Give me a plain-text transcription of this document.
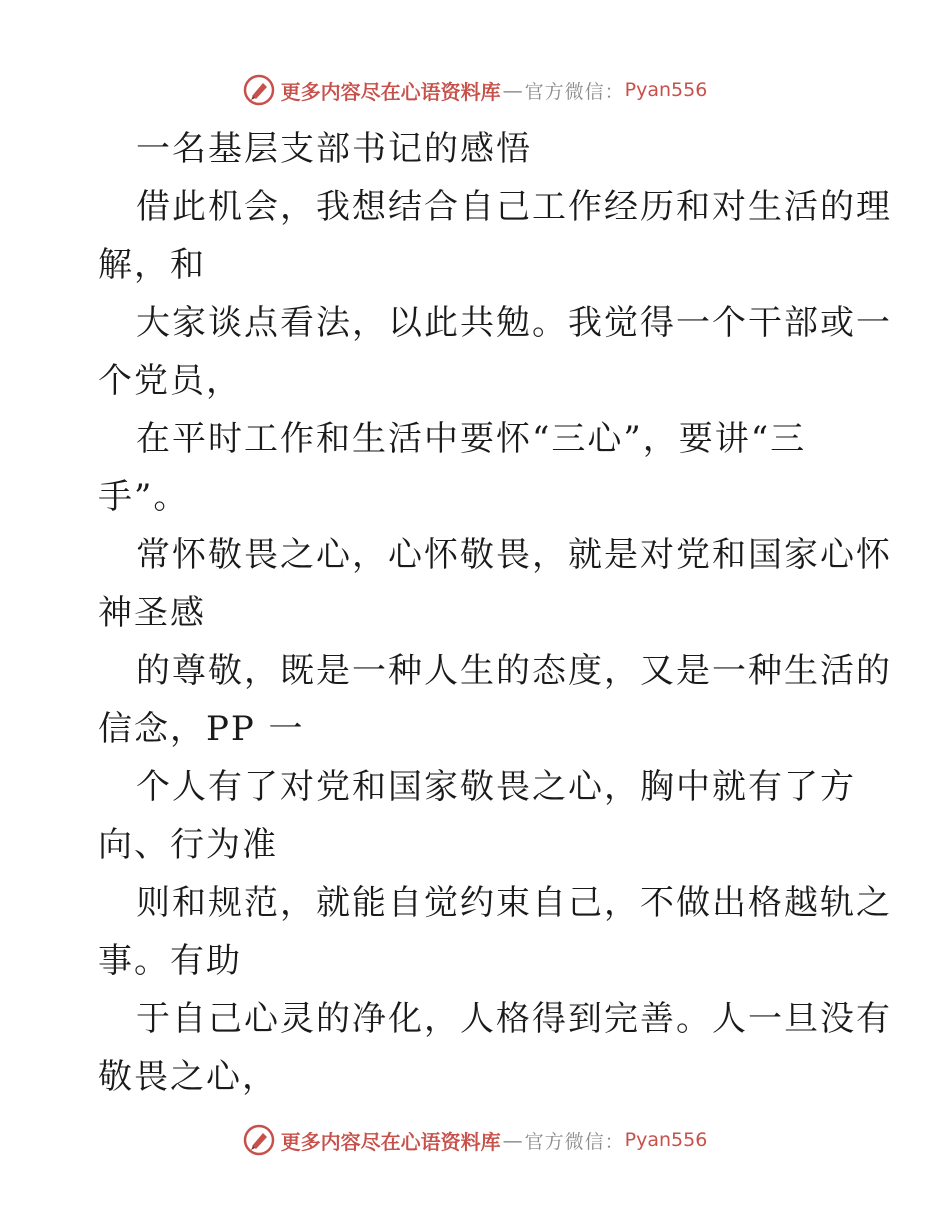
更多内容尽在心语资料库 — 官方微信： Pyan556
一名基层支部书记的感悟
借此机会，我想结合自己工作经历和对生活的理
解，和
大家谈点看法，以此共勉。我觉得一个干部或一
个党员，
在平时工作和生活中要怀“三心”，要讲“三
手”。
常怀敬畏之心，心怀敬畏，就是对党和国家心怀
神圣感
的尊敬，既是一种人生的态度，又是一种生活的
信念，PP 一
个人有了对党和国家敬畏之心，胸中就有了方
向、行为准
则和规范，就能自觉约束自己，不做出格越轨之
事。有助
于自己心灵的净化，人格得到完善。人一旦没有
敬畏之心，
更多内容尽在心语资料库 — 官方微信： Pyan556
